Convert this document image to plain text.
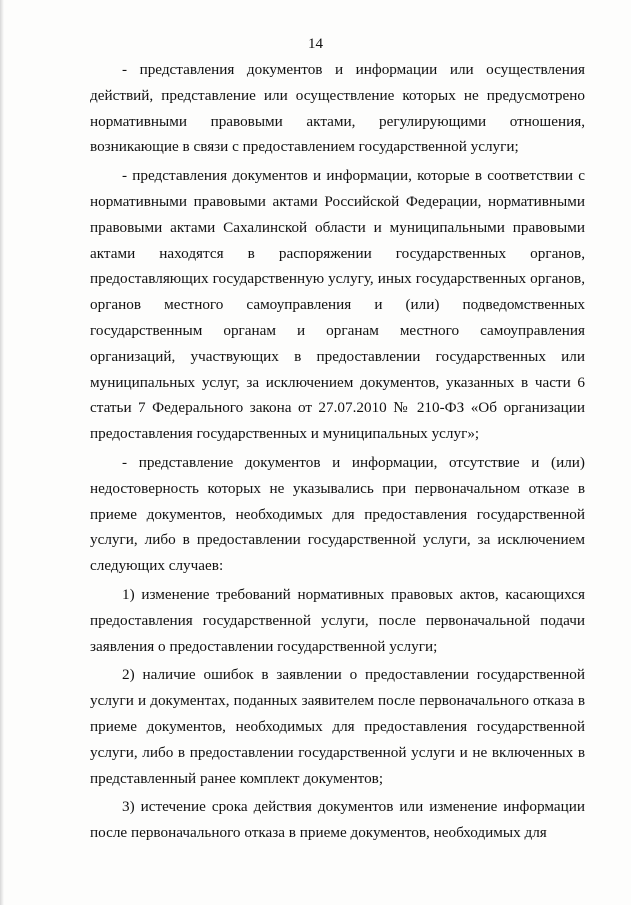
14

- представления документов и информации или осуществления действий, представление или осуществление которых не предусмотрено нормативными правовыми актами, регулирующими отношения, возникающие в связи с предоставлением государственной услуги;

- представления документов и информации, которые в соответствии с нормативными правовыми актами Российской Федерации, нормативными правовыми актами Сахалинской области и муниципальными правовыми актами находятся в распоряжении государственных органов, предоставляющих государственную услугу, иных государственных органов, органов местного самоуправления и (или) подведомственных государственным органам и органам местного самоуправления организаций, участвующих в предоставлении государственных или муниципальных услуг, за исключением документов, указанных в части 6 статьи 7 Федерального закона от 27.07.2010 № 210-ФЗ «Об организации предоставления государственных и муниципальных услуг»;

- представление документов и информации, отсутствие и (или) недостоверность которых не указывались при первоначальном отказе в приеме документов, необходимых для предоставления государственной услуги, либо в предоставлении государственной услуги, за исключением следующих случаев:

1) изменение требований нормативных правовых актов, касающихся предоставления государственной услуги, после первоначальной подачи заявления о предоставлении государственной услуги;

2) наличие ошибок в заявлении о предоставлении государственной услуги и документах, поданных заявителем после первоначального отказа в приеме документов, необходимых для предоставления государственной услуги, либо в предоставлении государственной услуги и не включенных в представленный ранее комплект документов;

3) истечение срока действия документов или изменение информации после первоначального отказа в приеме документов, необходимых для
